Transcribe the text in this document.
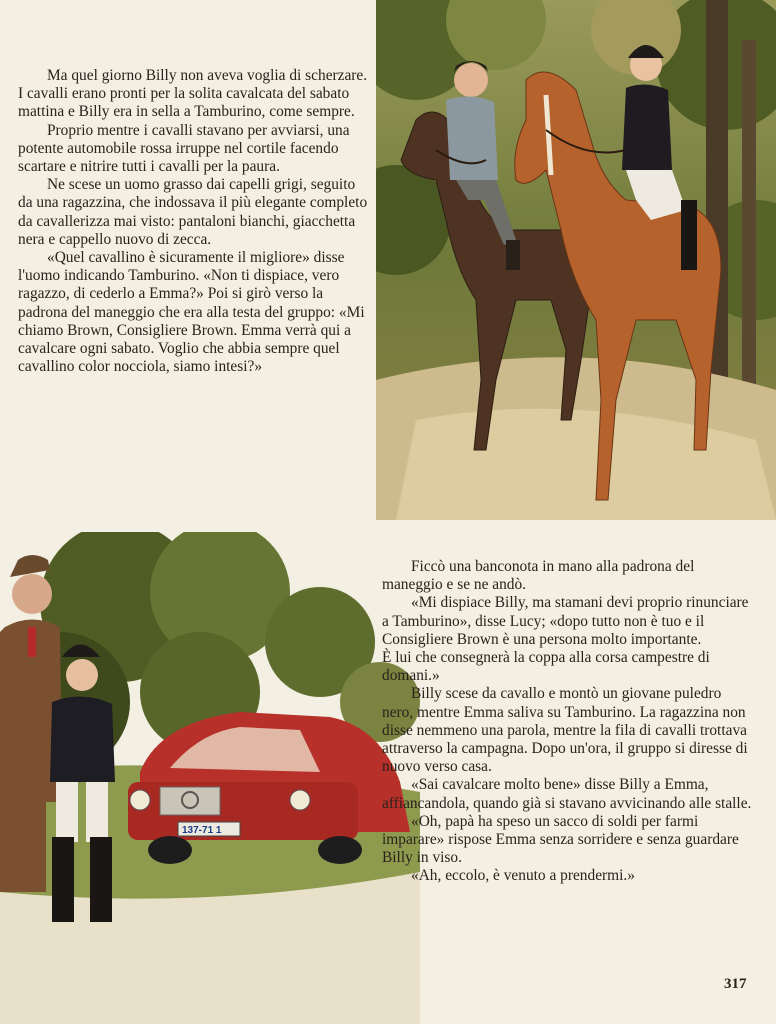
Ma quel giorno Billy non aveva voglia di scherzare. I cavalli erano pronti per la solita cavalcata del sabato mattina e Billy era in sella a Tamburino, come sempre.

Proprio mentre i cavalli stavano per avviarsi, una potente automobile rossa irruppe nel cortile facendo scartare e nitrire tutti i cavalli per la paura.

Ne scese un uomo grasso dai capelli grigi, seguito da una ragazzina, che indossava il più elegante completo da cavallerizza mai visto: pantaloni bianchi, giacchetta nera e cappello nuovo di zecca.

«Quel cavallino è sicuramente il migliore» disse l'uomo indicando Tamburino. «Non ti dispiace, vero ragazzo, di cederlo a Emma?» Poi si girò verso la padrona del maneggio che era alla testa del gruppo: «Mi chiamo Brown, Consigliere Brown. Emma verrà qui a cavalcare ogni sabato. Voglio che abbia sempre quel cavallino color nocciola, siamo intesi?»

137-71 1

Ficcò una banconota in mano alla padrona del maneggio e se ne andò.

«Mi dispiace Billy, ma stamani devi proprio rinunciare a Tamburino», disse Lucy; «dopo tutto non è tuo e il Consigliere Brown è una persona molto importante.

È lui che consegnerà la coppa alla corsa campestre di domani.»

Billy scese da cavallo e montò un giovane puledro nero, mentre Emma saliva su Tamburino. La ragazzina non disse nemmeno una parola, mentre la fila di cavalli trottava attraverso la campagna. Dopo un'ora, il gruppo si diresse di nuovo verso casa.

«Sai cavalcare molto bene» disse Billy a Emma, affiancandola, quando già si stavano avvicinando alle stalle.

«Oh, papà ha speso un sacco di soldi per farmi imparare» rispose Emma senza sorridere e senza guardare Billy in viso.

«Ah, eccolo, è venuto a prendermi.»

317
